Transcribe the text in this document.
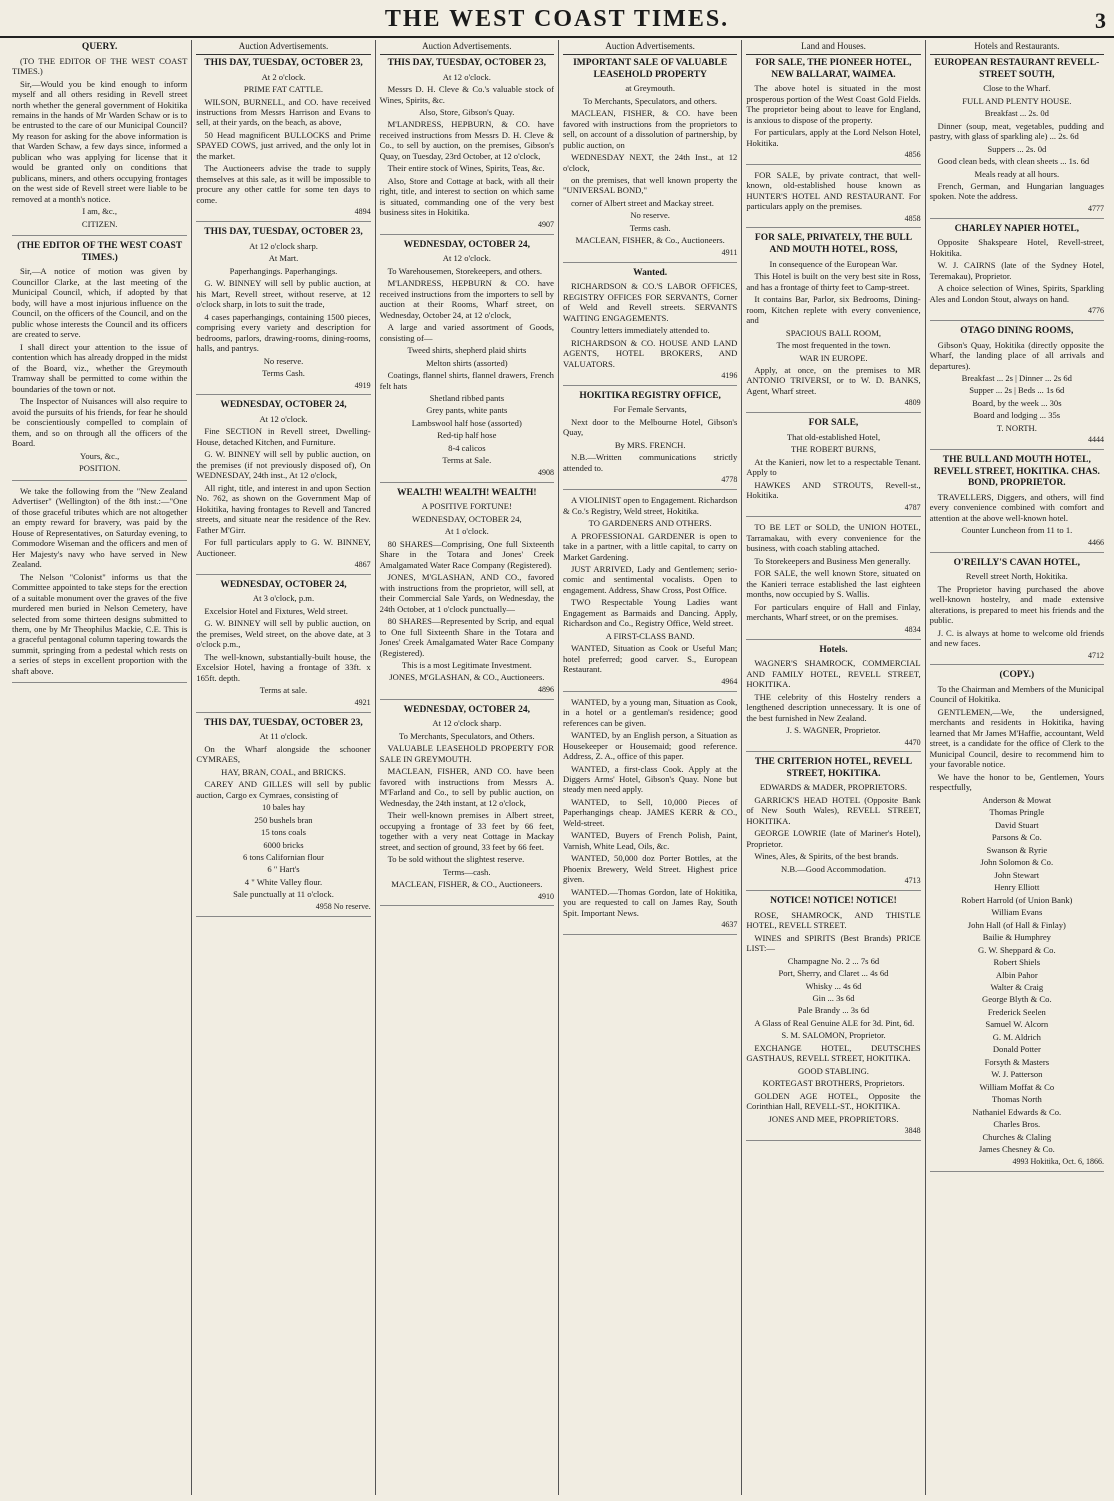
THE WEST COAST TIMES.	3
QUERY.

(TO THE EDITOR OF THE WEST COAST TIMES.)

Sir,—Would you be kind enough to inform myself and all others residing in Revell street north whether the general government of Hokitika remains in the hands of Mr Warden Schaw or is to be entrusted to the care of our Municipal Council? My reason for asking for the above information is that Warden Schaw, a few days since, informed a publican who was applying for license that it would be granted only on conditions that publicans, miners, and others occupying frontages on the west side of Revell street were liable to be removed at a month's notice.

I am, &c.,

CITIZEN.

(THE EDITOR OF THE WEST COAST TIMES.)

Sir,—A notice of motion was given by Councillor Clarke, at the last meeting of the Municipal Council, which, if adopted by that body, will have a most injurious influence on the Council, on the officers of the Council, and on the public whose interests the Council and its officers are created to serve.

I shall direct your attention to the issue of contention which has already dropped in the midst of the Board, viz., whether the Greymouth Tramway shall be permitted to come within the boundaries of the town or not.

The Inspector of Nuisances will also require to avoid the pursuits of his friends, for fear he should be conscientiously compelled to complain of them, and so on through all the officers of the Board.

Yours, &c.,

POSITION.

We take the following from the "New Zealand Advertiser" (Wellington) of the 8th inst.:—"One of those graceful tributes which are not altogether an empty reward for bravery, was paid by the House of Representatives, on Saturday evening, to Commodore Wiseman and the officers and men of Her Majesty's navy who have served in New Zealand.

The Nelson "Colonist" informs us that the Committee appointed to take steps for the erection of a suitable monument over the graves of the five murdered men buried in Nelson Cemetery, have selected from some thirteen designs submitted to them, one by Mr Theophilus Mackie, C.E. This is a graceful pentagonal column tapering towards the summit, springing from a pedestal which rests on a series of steps in excellent proportion with the shaft above.

Auction Advertisements.
THIS DAY, TUESDAY, OCTOBER 23,

At 2 o'clock.

PRIME FAT CATTLE.

WILSON, BURNELL, and CO. have received instructions from Messrs Harrison and Evans to sell, at their yards, on the beach, as above,

50 Head magnificent BULLOCKS and Prime SPAYED COWS, just arrived, and the only lot in the market.

The Auctioneers advise the trade to supply themselves at this sale, as it will be impossible to procure any other cattle for some ten days to come.

4894
THIS DAY, TUESDAY, OCTOBER 23,

At 12 o'clock sharp.

At Mart.

Paperhangings. Paperhangings.

G. W. BINNEY will sell by public auction, at his Mart, Revell street, without reserve, at 12 o'clock sharp, in lots to suit the trade,

4 cases paperhangings, containing 1500 pieces, comprising every variety and description for bedrooms, parlors, drawing-rooms, dining-rooms, halls, and pantrys.

No reserve.

Terms Cash.

4919
WEDNESDAY, OCTOBER 24,

At 12 o'clock.

Fine SECTION in Revell street, Dwelling-House, detached Kitchen, and Furniture.

G. W. BINNEY will sell by public auction, on the premises (if not previously disposed of), On WEDNESDAY, 24th inst., At 12 o'clock,

All right, title, and interest in and upon Section No. 762, as shown on the Government Map of Hokitika, having frontages to Revell and Tancred streets, and situate near the residence of the Rev. Father M'Girr.

For full particulars apply to G. W. BINNEY, Auctioneer.

4867
WEDNESDAY, OCTOBER 24,

At 3 o'clock, p.m.

Excelsior Hotel and Fixtures, Weld street.

G. W. BINNEY will sell by public auction, on the premises, Weld street, on the above date, at 3 o'clock p.m.,

The well-known, substantially-built house, the Excelsior Hotel, having a frontage of 33ft. x 165ft. depth.

Terms at sale.

4921
THIS DAY, TUESDAY, OCTOBER 23,

At 11 o'clock.

On the Wharf alongside the schooner CYMRAES,

HAY, BRAN, COAL, and BRICKS.

CAREY AND GILLES will sell by public auction, Cargo ex Cymraes, consisting of

10 bales hay

250 bushels bran

15 tons coals

6000 bricks

6 tons Californian flour

6 " Hart's

4 " White Valley flour.

Sale punctually at 11 o'clock.

4958 No reserve.
Auction Advertisements.
THIS DAY, TUESDAY, OCTOBER 23,

At 12 o'clock.

Messrs D. H. Cleve & Co.'s valuable stock of Wines, Spirits, &c.

Also, Store, Gibson's Quay.

M'LANDRESS, HEPBURN, & CO. have received instructions from Messrs D. H. Cleve & Co., to sell by auction, on the premises, Gibson's Quay, on Tuesday, 23rd October, at 12 o'clock,

Their entire stock of Wines, Spirits, Teas, &c.

Also, Store and Cottage at back, with all their right, title, and interest to section on which same is situated, commanding one of the very best business sites in Hokitika.

4907
WEDNESDAY, OCTOBER 24,

At 12 o'clock.

To Warehousemen, Storekeepers, and others.

M'LANDRESS, HEPBURN & CO. have received instructions from the importers to sell by auction at their Rooms, Wharf street, on Wednesday, October 24, at 12 o'clock,

A large and varied assortment of Goods, consisting of—

Tweed shirts, shepherd plaid shirts

Melton shirts (assorted)

Coatings, flannel shirts, flannel drawers, French felt hats

Shetland ribbed pants

Grey pants, white pants

Lambswool half hose (assorted)

Red-tip half hose

8-4 calicos

Terms at Sale.

4908
WEALTH! WEALTH! WEALTH!

A POSITIVE FORTUNE!

WEDNESDAY, OCTOBER 24,

At 1 o'clock.

80 SHARES—Comprising, One full Sixteenth Share in the Totara and Jones' Creek Amalgamated Water Race Company (Registered).

JONES, M'GLASHAN, AND CO., favored with instructions from the proprietor, will sell, at their Commercial Sale Yards, on Wednesday, the 24th October, at 1 o'clock punctually—

80 SHARES—Represented by Scrip, and equal to One full Sixteenth Share in the Totara and Jones' Creek Amalgamated Water Race Company (Registered).

This is a most Legitimate Investment.

JONES, M'GLASHAN, & CO., Auctioneers.

4896
WEDNESDAY, OCTOBER 24,

At 12 o'clock sharp.

To Merchants, Speculators, and Others.

VALUABLE LEASEHOLD PROPERTY FOR SALE IN GREYMOUTH.

MACLEAN, FISHER, AND CO. have been favored with instructions from Messrs A. M'Farland and Co., to sell by public auction, on Wednesday, the 24th instant, at 12 o'clock,

Their well-known premises in Albert street, occupying a frontage of 33 feet by 66 feet, together with a very neat Cottage in Mackay street, and section of ground, 33 feet by 66 feet.

To be sold without the slightest reserve.

Terms—cash.

MACLEAN, FISHER, & CO., Auctioneers.

4910
Auction Advertisements.
IMPORTANT SALE OF VALUABLE LEASEHOLD PROPERTY

at Greymouth.

To Merchants, Speculators, and others.

MACLEAN, FISHER, & CO. have been favored with instructions from the proprietors to sell, on account of a dissolution of partnership, by public auction, on

WEDNESDAY NEXT, the 24th Inst., at 12 o'clock,

on the premises, that well known property the "UNIVERSAL BOND,"

corner of Albert street and Mackay street.

No reserve.

Terms cash.

MACLEAN, FISHER, & Co., Auctioneers.

4911
Wanted.

RICHARDSON & CO.'S LABOR OFFICES, REGISTRY OFFICES FOR SERVANTS, Corner of Weld and Revell streets. SERVANTS WAITING ENGAGEMENTS.

Country letters immediately attended to.

RICHARDSON & CO. HOUSE AND LAND AGENTS, HOTEL BROKERS, AND VALUATORS.

4196
HOKITIKA REGISTRY OFFICE,

For Female Servants,

Next door to the Melbourne Hotel, Gibson's Quay,

By MRS. FRENCH.

N.B.—Written communications strictly attended to.

4778

A VIOLINIST open to Engagement. Richardson & Co.'s Registry, Weld street, Hokitika.

TO GARDENERS AND OTHERS.

A PROFESSIONAL GARDENER is open to take in a partner, with a little capital, to carry on Market Gardening.

JUST ARRIVED, Lady and Gentlemen; serio-comic and sentimental vocalists. Open to engagement. Address, Shaw Cross, Post Office.

TWO Respectable Young Ladies want Engagement as Barmaids and Dancing. Apply, Richardson and Co., Registry Office, Weld street.

A FIRST-CLASS BAND.

WANTED, Situation as Cook or Useful Man; hotel preferred; good carver. S., European Restaurant.

4964

WANTED, by a young man, Situation as Cook, in a hotel or a gentleman's residence; good references can be given.

WANTED, by an English person, a Situation as Housekeeper or Housemaid; good reference. Address, Z. A., office of this paper.

WANTED, a first-class Cook. Apply at the Diggers Arms' Hotel, Gibson's Quay. None but steady men need apply.

WANTED, to Sell, 10,000 Pieces of Paperhangings cheap. JAMES KERR & CO., Weld-street.

WANTED, Buyers of French Polish, Paint, Varnish, White Lead, Oils, &c.

WANTED, 50,000 doz Porter Bottles, at the Phoenix Brewery, Weld Street. Highest price given.

WANTED.—Thomas Gordon, late of Hokitika, you are requested to call on James Ray, South Spit. Important News.

4637
Land and Houses.
FOR SALE, THE PIONEER HOTEL, NEW BALLARAT, WAIMEA.

The above hotel is situated in the most prosperous portion of the West Coast Gold Fields. The proprietor being about to leave for England, is anxious to dispose of the property.

For particulars, apply at the Lord Nelson Hotel, Hokitika.

4856

FOR SALE, by private contract, that well-known, old-established house known as HUNTER'S HOTEL AND RESTAURANT. For particulars apply on the premises.

4858
FOR SALE, PRIVATELY, THE BULL AND MOUTH HOTEL, ROSS,

In consequence of the European War.

This Hotel is built on the very best site in Ross, and has a frontage of thirty feet to Camp-street.

It contains Bar, Parlor, six Bedrooms, Dining-room, Kitchen replete with every convenience, and

SPACIOUS BALL ROOM,

The most frequented in the town.

WAR IN EUROPE.

Apply, at once, on the premises to MR ANTONIO TRIVERSI, or to W. D. BANKS, Agent, Wharf street.

4809
FOR SALE,

That old-established Hotel,

THE ROBERT BURNS,

At the Kanieri, now let to a respectable Tenant. Apply to

HAWKES AND STROUTS, Revell-st., Hokitika.

4787

TO BE LET or SOLD, the UNION HOTEL, Tarramakau, with every convenience for the business, with coach stabling attached.

To Storekeepers and Business Men generally.

FOR SALE, the well known Store, situated on the Kanieri terrace established the last eighteen months, now occupied by S. Wallis.

For particulars enquire of Hall and Finlay, merchants, Wharf street, or on the premises.

4834
Hotels.

WAGNER'S SHAMROCK, COMMERCIAL AND FAMILY HOTEL, REVELL STREET, HOKITIKA.

THE celebrity of this Hostelry renders a lengthened description unnecessary. It is one of the best furnished in New Zealand.

J. S. WAGNER, Proprietor.

4470
THE CRITERION HOTEL, REVELL STREET, HOKITIKA.

EDWARDS & MADER, PROPRIETORS.

GARRICK'S HEAD HOTEL (Opposite Bank of New South Wales), REVELL STREET, HOKITIKA.

GEORGE LOWRIE (late of Mariner's Hotel), Proprietor.

Wines, Ales, & Spirits, of the best brands.

N.B.—Good Accommodation.

4713
NOTICE! NOTICE! NOTICE!

ROSE, SHAMROCK, AND THISTLE HOTEL, REVELL STREET.

WINES and SPIRITS (Best Brands) PRICE LIST:—

Champagne No. 2 ... 7s 6d

Port, Sherry, and Claret ... 4s 6d

Whisky ... 4s 6d

Gin ... 3s 6d

Pale Brandy ... 3s 6d

A Glass of Real Genuine ALE for 3d. Pint, 6d.

S. M. SALOMON, Proprietor.

EXCHANGE HOTEL, DEUTSCHES GASTHAUS, REVELL STREET, HOKITIKA.

GOOD STABLING.

KORTEGAST BROTHERS, Proprietors.

GOLDEN AGE HOTEL, Opposite the Corinthian Hall, REVELL-ST., HOKITIKA.

JONES AND MEE, PROPRIETORS.

3848
Hotels and Restaurants.
EUROPEAN RESTAURANT REVELL-STREET SOUTH,

Close to the Wharf.

FULL AND PLENTY HOUSE.

Breakfast ... 2s. 0d

Dinner (soup, meat, vegetables, pudding and pastry, with glass of sparkling ale) ... 2s. 6d

Suppers ... 2s. 0d

Good clean beds, with clean sheets ... 1s. 6d

Meals ready at all hours.

French, German, and Hungarian languages spoken. Note the address.

4777
CHARLEY NAPIER HOTEL,

Opposite Shakspeare Hotel, Revell-street, Hokitika.

W. J. CAIRNS (late of the Sydney Hotel, Teremakau), Proprietor.

A choice selection of Wines, Spirits, Sparkling Ales and London Stout, always on hand.

4776
OTAGO DINING ROOMS,

Gibson's Quay, Hokitika (directly opposite the Wharf, the landing place of all arrivals and departures).

Breakfast ... 2s | Dinner ... 2s 6d

Supper ... 2s | Beds ... 1s 6d

Board, by the week ... 30s

Board and lodging ... 35s

T. NORTH.

4444
THE BULL AND MOUTH HOTEL, REVELL STREET, HOKITIKA. CHAS. BOND, PROPRIETOR.

TRAVELLERS, Diggers, and others, will find every convenience combined with comfort and attention at the above well-known hotel.

Counter Luncheon from 11 to 1.

4466
O'REILLY'S CAVAN HOTEL,

Revell street North, Hokitika.

The Proprietor having purchased the above well-known hostelry, and made extensive alterations, is prepared to meet his friends and the public.

J. C. is always at home to welcome old friends and new faces.

4712
(COPY.)

To the Chairman and Members of the Municipal Council of Hokitika.

GENTLEMEN,—We, the undersigned, merchants and residents in Hokitika, having learned that Mr James M'Haffie, accountant, Weld street, is a candidate for the office of Clerk to the Municipal Council, desire to recommend him to your favorable notice.

We have the honor to be, Gentlemen, Yours respectfully,

Anderson & Mowat

Thomas Pringle

David Stuart

Parsons & Co.

Swanson & Ryrie

John Solomon & Co.

John Stewart

Henry Elliott

Robert Harrold (of Union Bank)

William Evans

John Hall (of Hall & Finlay)

Bailie & Humphrey

G. W. Sheppard & Co.

Robert Shiels

Albin Pahor

Walter & Craig

George Blyth & Co.

Frederick Seelen

Samuel W. Alcorn

G. M. Aldrich

Donald Potter

Forsyth & Masters

W. J. Patterson

William Moffat & Co

Thomas North

Nathaniel Edwards & Co.

Charles Bros.

Churches & Claling

James Chesney & Co.

4993 Hokitika, Oct. 6, 1866.
